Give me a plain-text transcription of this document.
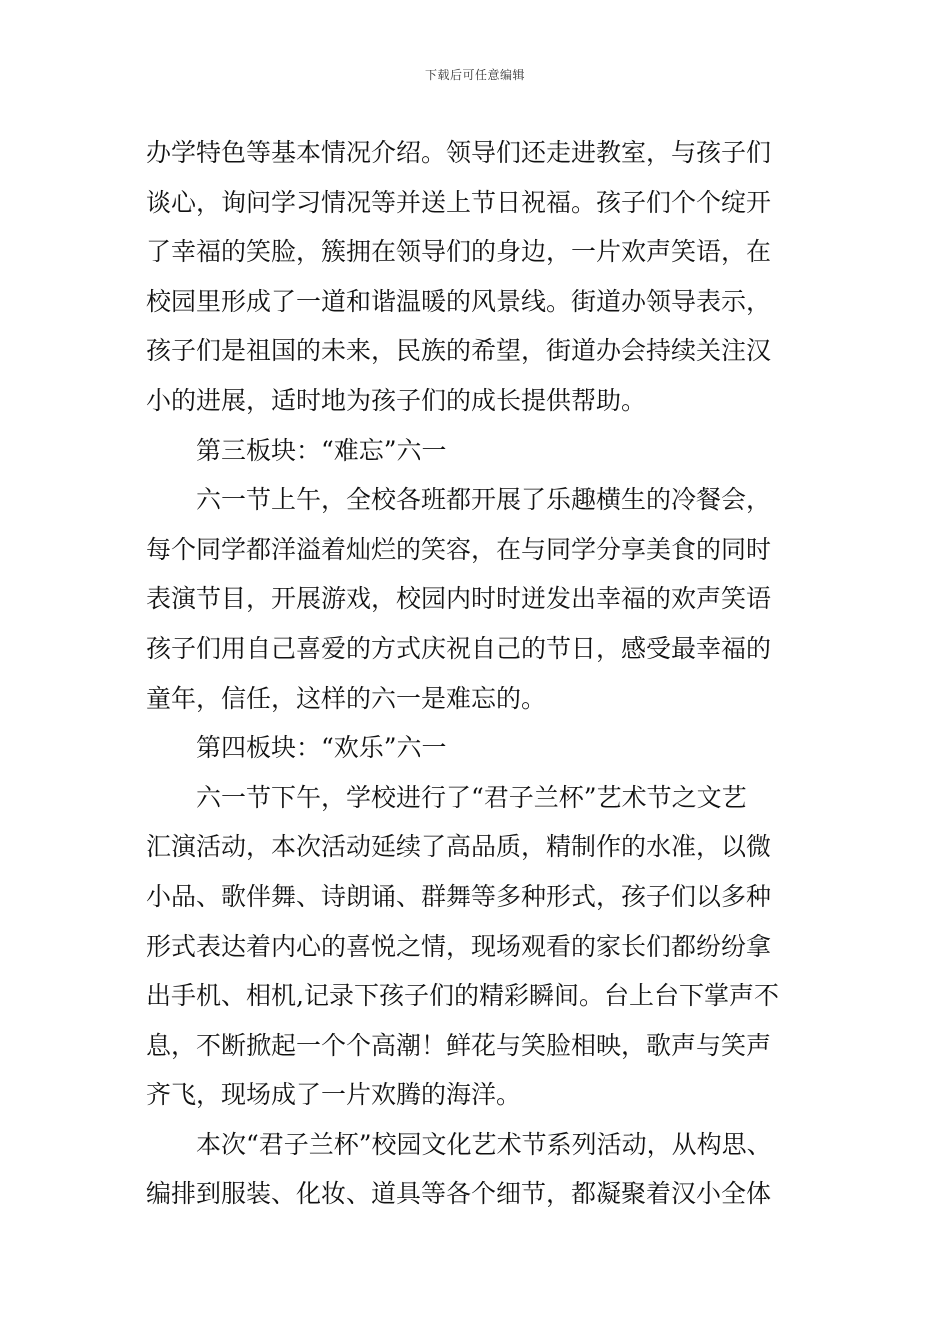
下载后可任意编辑
办学特色等基本情况介绍。领导们还走进教室，与孩子们
谈心，询问学习情况等并送上节日祝福。孩子们个个绽开
了幸福的笑脸，簇拥在领导们的身边，一片欢声笑语，在
校园里形成了一道和谐温暖的风景线。街道办领导表示，
孩子们是祖国的未来，民族的希望，街道办会持续关注汉
小的进展，适时地为孩子们的成长提供帮助。
第三板块：“难忘”六一
六一节上午，全校各班都开展了乐趣横生的冷餐会，
每个同学都洋溢着灿烂的笑容，在与同学分享美食的同时
表演节目，开展游戏，校园内时时迸发出幸福的欢声笑语
孩子们用自己喜爱的方式庆祝自己的节日，感受最幸福的
童年，信任，这样的六一是难忘的。
第四板块：“欢乐”六一
六一节下午，学校进行了“君子兰杯”艺术节之文艺
汇演活动，本次活动延续了高品质，精制作的水准，以微
小品、歌伴舞、诗朗诵、群舞等多种形式，孩子们以多种
形式表达着内心的喜悦之情，现场观看的家长们都纷纷拿
出手机、相机,记录下孩子们的精彩瞬间。台上台下掌声不
息，不断掀起一个个高潮！鲜花与笑脸相映，歌声与笑声
齐飞，现场成了一片欢腾的海洋。
本次“君子兰杯”校园文化艺术节系列活动，从构思、
编排到服装、化妆、道具等各个细节，都凝聚着汉小全体
